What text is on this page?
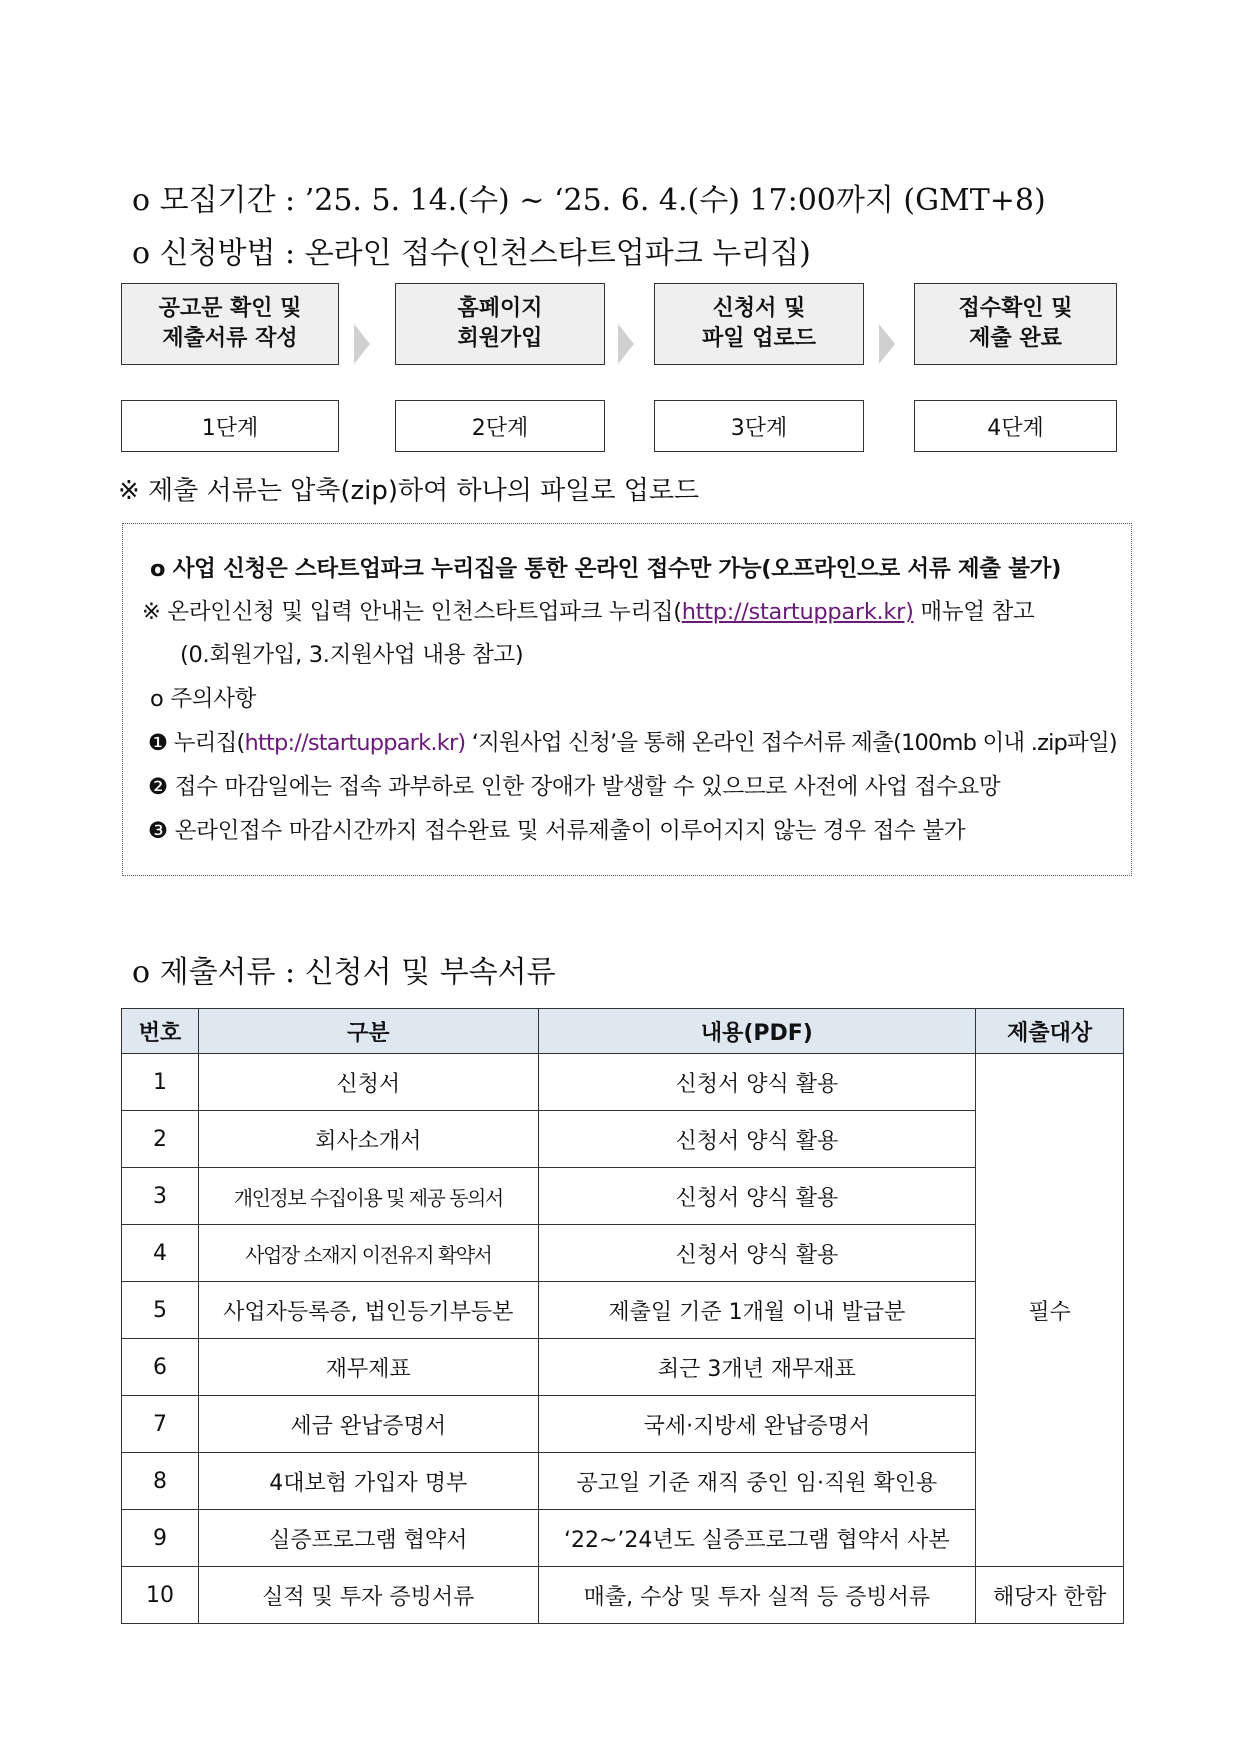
o 모집기간 : ’25. 5. 14.(수) ~ ‘25. 6. 4.(수) 17:00까지 (GMT+8)
o 신청방법 : 온라인 접수(인천스타트업파크 누리집)
공고문 확인 및
제출서류 작성
홈페이지
회원가입
신청서 및
파일 업로드
접수확인 및
제출 완료
1단계	2단계	3단계	4단계
※ 제출 서류는 압축(zip)하여 하나의 파일로 업로드
o 사업 신청은 스타트업파크 누리집을 통한 온라인 접수만 가능(오프라인으로 서류 제출 불가)
※ 온라인신청 및 입력 안내는 인천스타트업파크 누리집(http://startuppark.kr) 매뉴얼 참고
(0.회원가입, 3.지원사업 내용 참고)
o 주의사항
❶ 누리집(http://startuppark.kr) ‘지원사업 신청’을 통해 온라인 접수서류 제출(100mb 이내 .zip파일)
❷ 접수 마감일에는 접속 과부하로 인한 장애가 발생할 수 있으므로 사전에 사업 접수요망
❸ 온라인접수 마감시간까지 접수완료 및 서류제출이 이루어지지 않는 경우 접수 불가
o 제출서류 : 신청서 및 부속서류
번호	구분	내용(PDF)	제출대상
1	신청서	신청서 양식 활용	필수
2	회사소개서	신청서 양식 활용	
3	개인정보 수집이용 및 제공 동의서	신청서 양식 활용	
4	사업장 소재지 이전유지 확약서	신청서 양식 활용	
5	사업자등록증, 법인등기부등본	제출일 기준 1개월 이내 발급분	
6	재무제표	최근 3개년 재무재표	
7	세금 완납증명서	국세·지방세 완납증명서	
8	4대보험 가입자 명부	공고일 기준 재직 중인 임·직원 확인용	
9	실증프로그램 협약서	‘22~’24년도 실증프로그램 협약서 사본	
10	실적 및 투자 증빙서류	매출, 수상 및 투자 실적 등 증빙서류	해당자 한함
